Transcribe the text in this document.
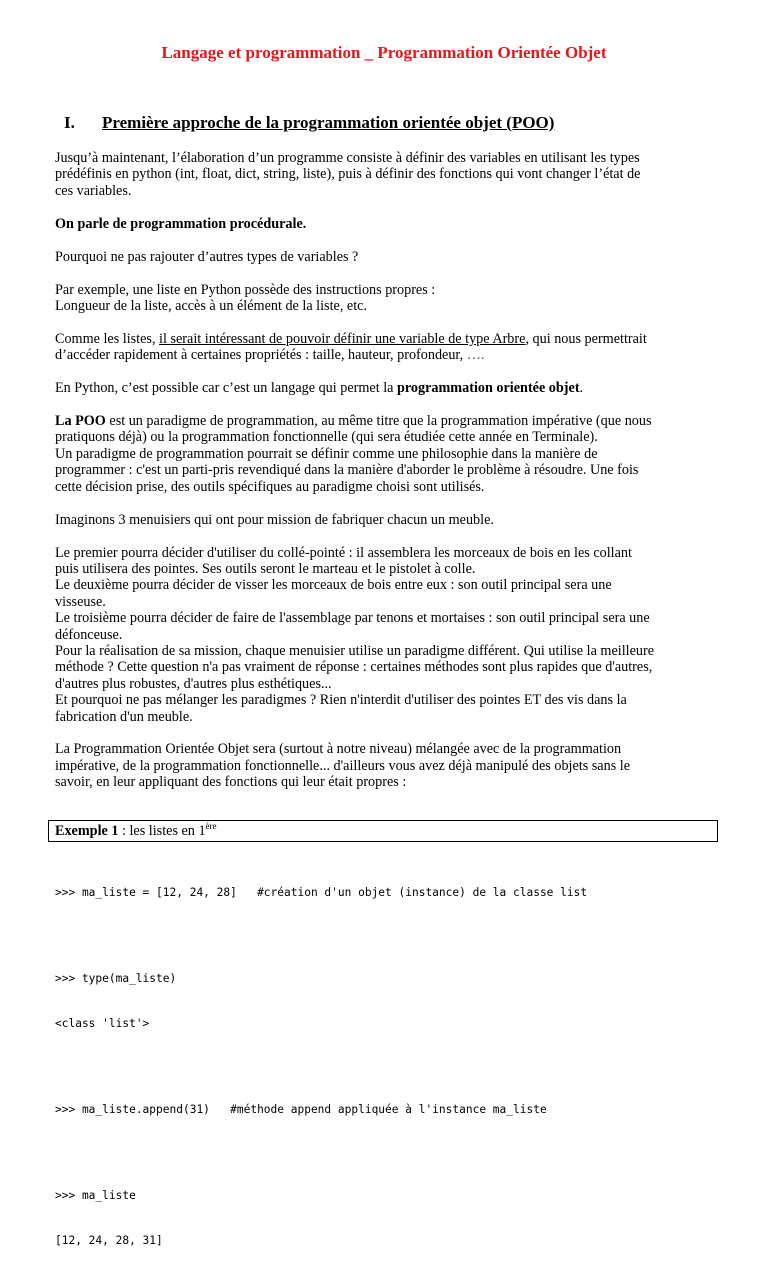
Langage et programmation _ Programmation Orientée Objet
I. Première approche de la programmation orientée objet (POO)

Jusqu’à maintenant, l’élaboration d’un programme consiste à définir des variables en utilisant les types
prédéfinis en python (int, float, dict, string, liste), puis à définir des fonctions qui vont changer l’état de
ces variables.

On parle de programmation procédurale.

Pourquoi ne pas rajouter d’autres types de variables ?

Par exemple, une liste en Python possède des instructions propres :
Longueur de la liste, accès à un élément de la liste, etc.

Comme les listes, il serait intéressant de pouvoir définir une variable de type Arbre, qui nous permettrait
d’accéder rapidement à certaines propriétés : taille, hauteur, profondeur, ….

En Python, c’est possible car c’est un langage qui permet la programmation orientée objet.

La POO est un paradigme de programmation, au même titre que la programmation impérative (que nous
pratiquons déjà) ou la programmation fonctionnelle (qui sera étudiée cette année en Terminale).
Un paradigme de programmation pourrait se définir comme une philosophie dans la manière de
programmer : c'est un parti-pris revendiqué dans la manière d'aborder le problème à résoudre. Une fois
cette décision prise, des outils spécifiques au paradigme choisi sont utilisés.

Imaginons 3 menuisiers qui ont pour mission de fabriquer chacun un meuble.

Le premier pourra décider d'utiliser du collé-pointé : il assemblera les morceaux de bois en les collant
puis utilisera des pointes. Ses outils seront le marteau et le pistolet à colle.
Le deuxième pourra décider de visser les morceaux de bois entre eux : son outil principal sera une
visseuse.
Le troisième pourra décider de faire de l'assemblage par tenons et mortaises : son outil principal sera une
défonceuse.
Pour la réalisation de sa mission, chaque menuisier utilise un paradigme différent. Qui utilise la meilleure
méthode ? Cette question n'a pas vraiment de réponse : certaines méthodes sont plus rapides que d'autres,
d'autres plus robustes, d'autres plus esthétiques...
Et pourquoi ne pas mélanger les paradigmes ? Rien n'interdit d'utiliser des pointes ET des vis dans la
fabrication d'un meuble.

La Programmation Orientée Objet sera (surtout à notre niveau) mélangée avec de la programmation
impérative, de la programmation fonctionnelle... d'ailleurs vous avez déjà manipulé des objets sans le
savoir, en leur appliquant des fonctions qui leur était propres :

Exemple 1 : les listes en 1ère

>>> ma_liste = [12, 24, 28]   #création d'un objet (instance) de la classe list

>>> type(ma_liste)

<class 'list'>

>>> ma_liste.append(31)   #méthode append appliquée à l'instance ma_liste

>>> ma_liste

[12, 24, 28, 31]
